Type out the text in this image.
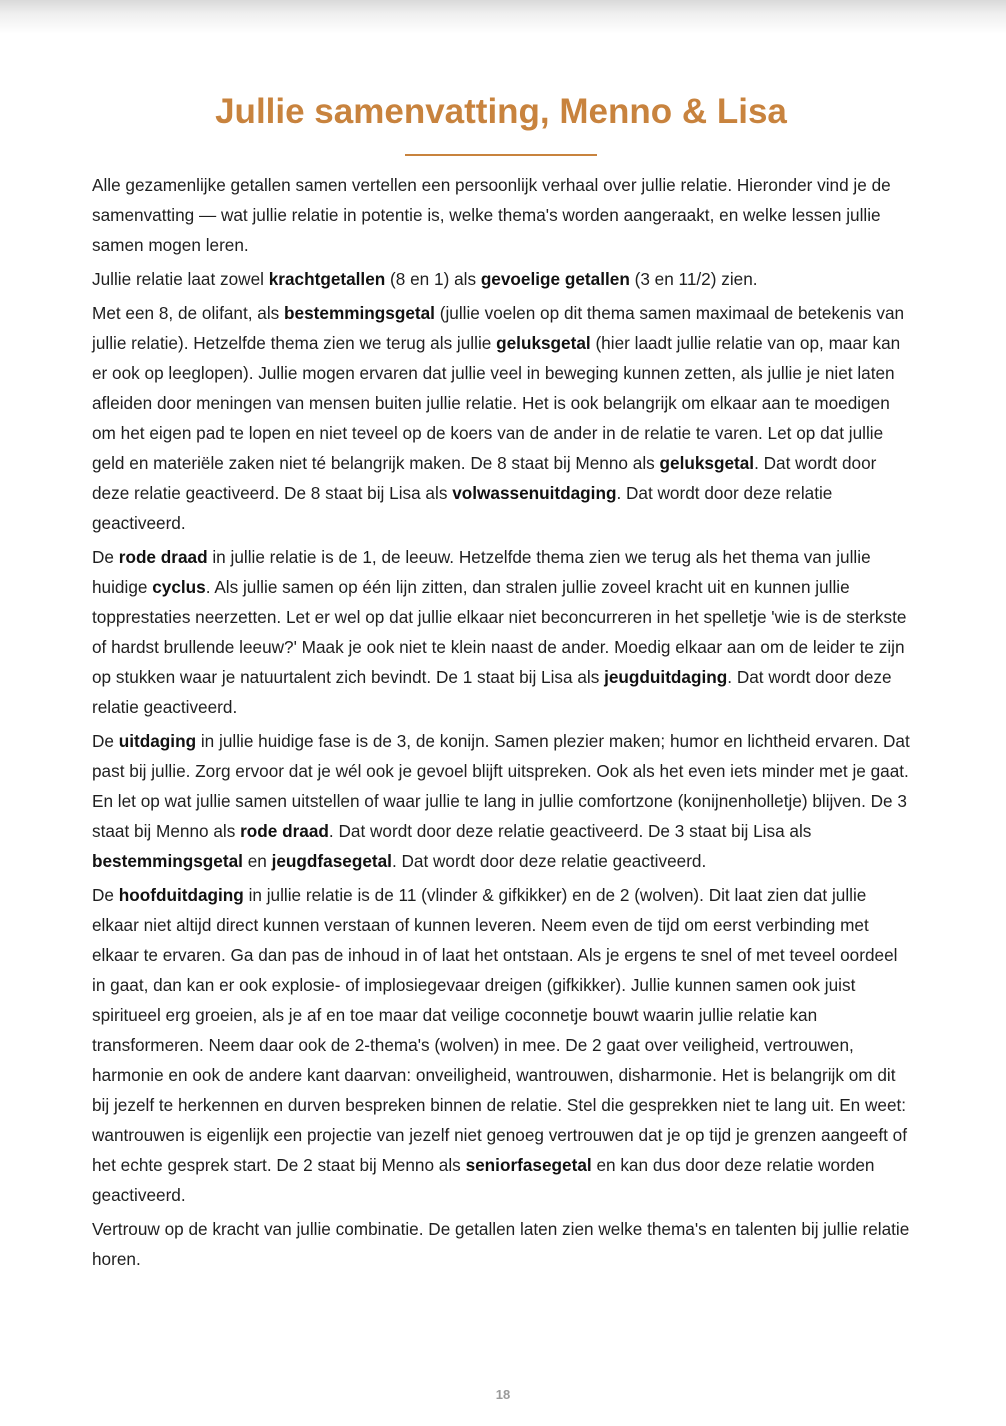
Jullie samenvatting, Menno & Lisa

Alle gezamenlijke getallen samen vertellen een persoonlijk verhaal over jullie relatie. Hieronder vind je de samenvatting — wat jullie relatie in potentie is, welke thema's worden aangeraakt, en welke lessen jullie samen mogen leren.

Jullie relatie laat zowel krachtgetallen (8 en 1) als gevoelige getallen (3 en 11/2) zien.

Met een 8, de olifant, als bestemmingsgetal (jullie voelen op dit thema samen maximaal de betekenis van jullie relatie). Hetzelfde thema zien we terug als jullie geluksgetal (hier laadt jullie relatie van op, maar kan er ook op leeglopen). Jullie mogen ervaren dat jullie veel in beweging kunnen zetten, als jullie je niet laten afleiden door meningen van mensen buiten jullie relatie. Het is ook belangrijk om elkaar aan te moedigen om het eigen pad te lopen en niet teveel op de koers van de ander in de relatie te varen. Let op dat jullie geld en materiële zaken niet té belangrijk maken. De 8 staat bij Menno als geluksgetal. Dat wordt door deze relatie geactiveerd. De 8 staat bij Lisa als volwassenuitdaging. Dat wordt door deze relatie geactiveerd.

De rode draad in jullie relatie is de 1, de leeuw. Hetzelfde thema zien we terug als het thema van jullie huidige cyclus. Als jullie samen op één lijn zitten, dan stralen jullie zoveel kracht uit en kunnen jullie topprestaties neerzetten. Let er wel op dat jullie elkaar niet beconcurreren in het spelletje 'wie is de sterkste of hardst brullende leeuw?' Maak je ook niet te klein naast de ander. Moedig elkaar aan om de leider te zijn op stukken waar je natuurtalent zich bevindt. De 1 staat bij Lisa als jeugduitdaging. Dat wordt door deze relatie geactiveerd.

De uitdaging in jullie huidige fase is de 3, de konijn. Samen plezier maken; humor en lichtheid ervaren. Dat past bij jullie. Zorg ervoor dat je wél ook je gevoel blijft uitspreken. Ook als het even iets minder met je gaat. En let op wat jullie samen uitstellen of waar jullie te lang in jullie comfortzone (konijnenholletje) blijven. De 3 staat bij Menno als rode draad. Dat wordt door deze relatie geactiveerd. De 3 staat bij Lisa als bestemmingsgetal en jeugdfasegetal. Dat wordt door deze relatie geactiveerd.

De hoofduitdaging in jullie relatie is de 11 (vlinder & gifkikker) en de 2 (wolven). Dit laat zien dat jullie elkaar niet altijd direct kunnen verstaan of kunnen leveren. Neem even de tijd om eerst verbinding met elkaar te ervaren. Ga dan pas de inhoud in of laat het ontstaan. Als je ergens te snel of met teveel oordeel in gaat, dan kan er ook explosie- of implosiegevaar dreigen (gifkikker). Jullie kunnen samen ook juist spiritueel erg groeien, als je af en toe maar dat veilige coconnetje bouwt waarin jullie relatie kan transformeren. Neem daar ook de 2-thema's (wolven) in mee. De 2 gaat over veiligheid, vertrouwen, harmonie en ook de andere kant daarvan: onveiligheid, wantrouwen, disharmonie. Het is belangrijk om dit bij jezelf te herkennen en durven bespreken binnen de relatie. Stel die gesprekken niet te lang uit. En weet: wantrouwen is eigenlijk een projectie van jezelf niet genoeg vertrouwen dat je op tijd je grenzen aangeeft of het echte gesprek start. De 2 staat bij Menno als seniorfasegetal en kan dus door deze relatie worden geactiveerd.

Vertrouw op de kracht van jullie combinatie. De getallen laten zien welke thema's en talenten bij jullie relatie horen.

18
